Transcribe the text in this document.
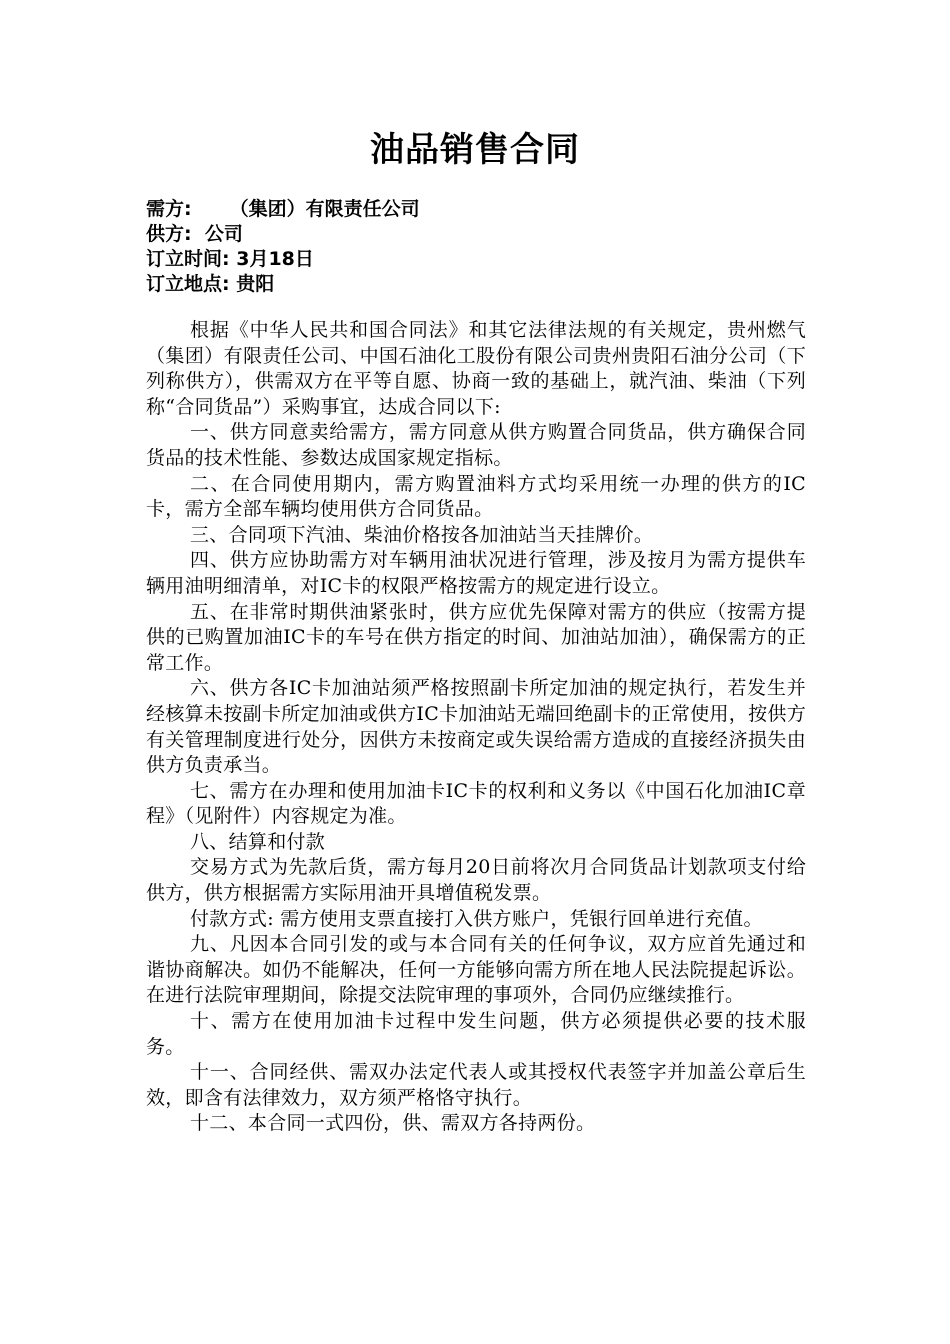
油品销售合同
需方: （集团）有限责任公司
供方: 公司
订立时间: 3月18日
订立地点: 贵阳

根据《中华人民共和国合同法》和其它法律法规的有关规定，贵州燃气（集团）有限责任公司、中国石油化工股份有限公司贵州贵阳石油分公司（下列称供方），供需双方在平等自愿、协商一致的基础上，就汽油、柴油（下列称“合同货品”）采购事宜，达成合同以下:

一、供方同意卖给需方，需方同意从供方购置合同货品，供方确保合同货品的技术性能、参数达成国家规定指标。

二、在合同使用期内，需方购置油料方式均采用统一办理的供方的IC卡，需方全部车辆均使用供方合同货品。

三、合同项下汽油、柴油价格按各加油站当天挂牌价。

四、供方应协助需方对车辆用油状况进行管理，涉及按月为需方提供车辆用油明细清单，对IC卡的权限严格按需方的规定进行设立。

五、在非常时期供油紧张时，供方应优先保障对需方的供应（按需方提供的已购置加油IC卡的车号在供方指定的时间、加油站加油），确保需方的正常工作。

六、供方各IC卡加油站须严格按照副卡所定加油的规定执行，若发生并经核算未按副卡所定加油或供方IC卡加油站无端回绝副卡的正常使用，按供方有关管理制度进行处分，因供方未按商定或失误给需方造成的直接经济损失由供方负责承当。

七、需方在办理和使用加油卡IC卡的权利和义务以《中国石化加油IC章程》（见附件）内容规定为准。

八、结算和付款

交易方式为先款后货，需方每月20日前将次月合同货品计划款项支付给供方，供方根据需方实际用油开具增值税发票。

付款方式: 需方使用支票直接打入供方账户，凭银行回单进行充值。

九、凡因本合同引发的或与本合同有关的任何争议，双方应首先通过和谐协商解决。如仍不能解决，任何一方能够向需方所在地人民法院提起诉讼。在进行法院审理期间，除提交法院审理的事项外，合同仍应继续推行。

十、需方在使用加油卡过程中发生问题，供方必须提供必要的技术服务。

十一、合同经供、需双办法定代表人或其授权代表签字并加盖公章后生效，即含有法律效力，双方须严格恪守执行。

十二、本合同一式四份，供、需双方各持两份。
